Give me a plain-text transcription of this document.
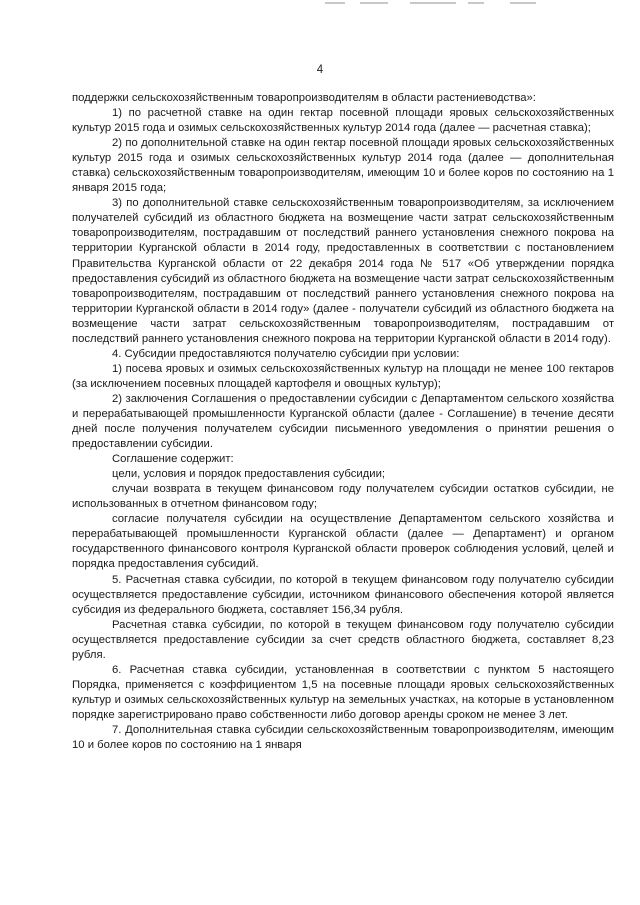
4

поддержки сельскохозяйственным товаропроизводителям в области растениеводства»:

1) по расчетной ставке на один гектар посевной площади яровых сельскохозяйственных культур 2015 года и озимых сельскохозяйственных культур 2014 года (далее — расчетная ставка);

2) по дополнительной ставке на один гектар посевной площади яровых сельскохозяйственных культур 2015 года и озимых сельскохозяйственных культур 2014 года (далее — дополнительная ставка) сельскохозяйственным товаропроизводителям, имеющим 10 и более коров по состоянию на 1 января 2015 года;

3) по дополнительной ставке сельскохозяйственным товаропроизводителям, за исключением получателей субсидий из областного бюджета на возмещение части затрат сельскохозяйственным товаропроизводителям, пострадавшим от последствий раннего установления снежного покрова на территории Курганской области в 2014 году, предоставленных в соответствии с постановлением Правительства Курганской области от 22 декабря 2014 года № 517 «Об утверждении порядка предоставления субсидий из областного бюджета на возмещение части затрат сельскохозяйственным товаропроизводителям, пострадавшим от последствий раннего установления снежного покрова на территории Курганской области в 2014 году» (далее - получатели субсидий из областного бюджета на возмещение части затрат сельскохозяйственным товаропроизводителям, пострадавшим от последствий раннего установления снежного покрова на территории Курганской области в 2014 году).

4. Субсидии предоставляются получателю субсидии при условии:

1) посева яровых и озимых сельскохозяйственных культур на площади не менее 100 гектаров (за исключением посевных площадей картофеля и овощных культур);

2) заключения Соглашения о предоставлении субсидии с Департаментом сельского хозяйства и перерабатывающей промышленности Курганской области (далее - Соглашение) в течение десяти дней после получения получателем субсидии письменного уведомления о принятии решения о предоставлении субсидии.

Соглашение содержит:

цели, условия и порядок предоставления субсидии;

случаи возврата в текущем финансовом году получателем субсидии остатков субсидии, не использованных в отчетном финансовом году;

согласие получателя субсидии на осуществление Департаментом сельского хозяйства и перерабатывающей промышленности Курганской области (далее — Департамент) и органом государственного финансового контроля Курганской области проверок соблюдения условий, целей и порядка предоставления субсидий.

5. Расчетная ставка субсидии, по которой в текущем финансовом году получателю субсидии осуществляется предоставление субсидии, источником финансового обеспечения которой является субсидия из федерального бюджета, составляет 156,34 рубля.

Расчетная ставка субсидии, по которой в текущем финансовом году получателю субсидии осуществляется предоставление субсидии за счет средств областного бюджета, составляет 8,23 рубля.

6. Расчетная ставка субсидии, установленная в соответствии с пунктом 5 настоящего Порядка, применяется с коэффициентом 1,5 на посевные площади яровых сельскохозяйственных культур и озимых сельскохозяйственных культур на земельных участках, на которые в установленном порядке зарегистрировано право собственности либо договор аренды сроком не менее 3 лет.

7. Дополнительная ставка субсидии сельскохозяйственным товаропроизводителям, имеющим 10 и более коров по состоянию на 1 января
